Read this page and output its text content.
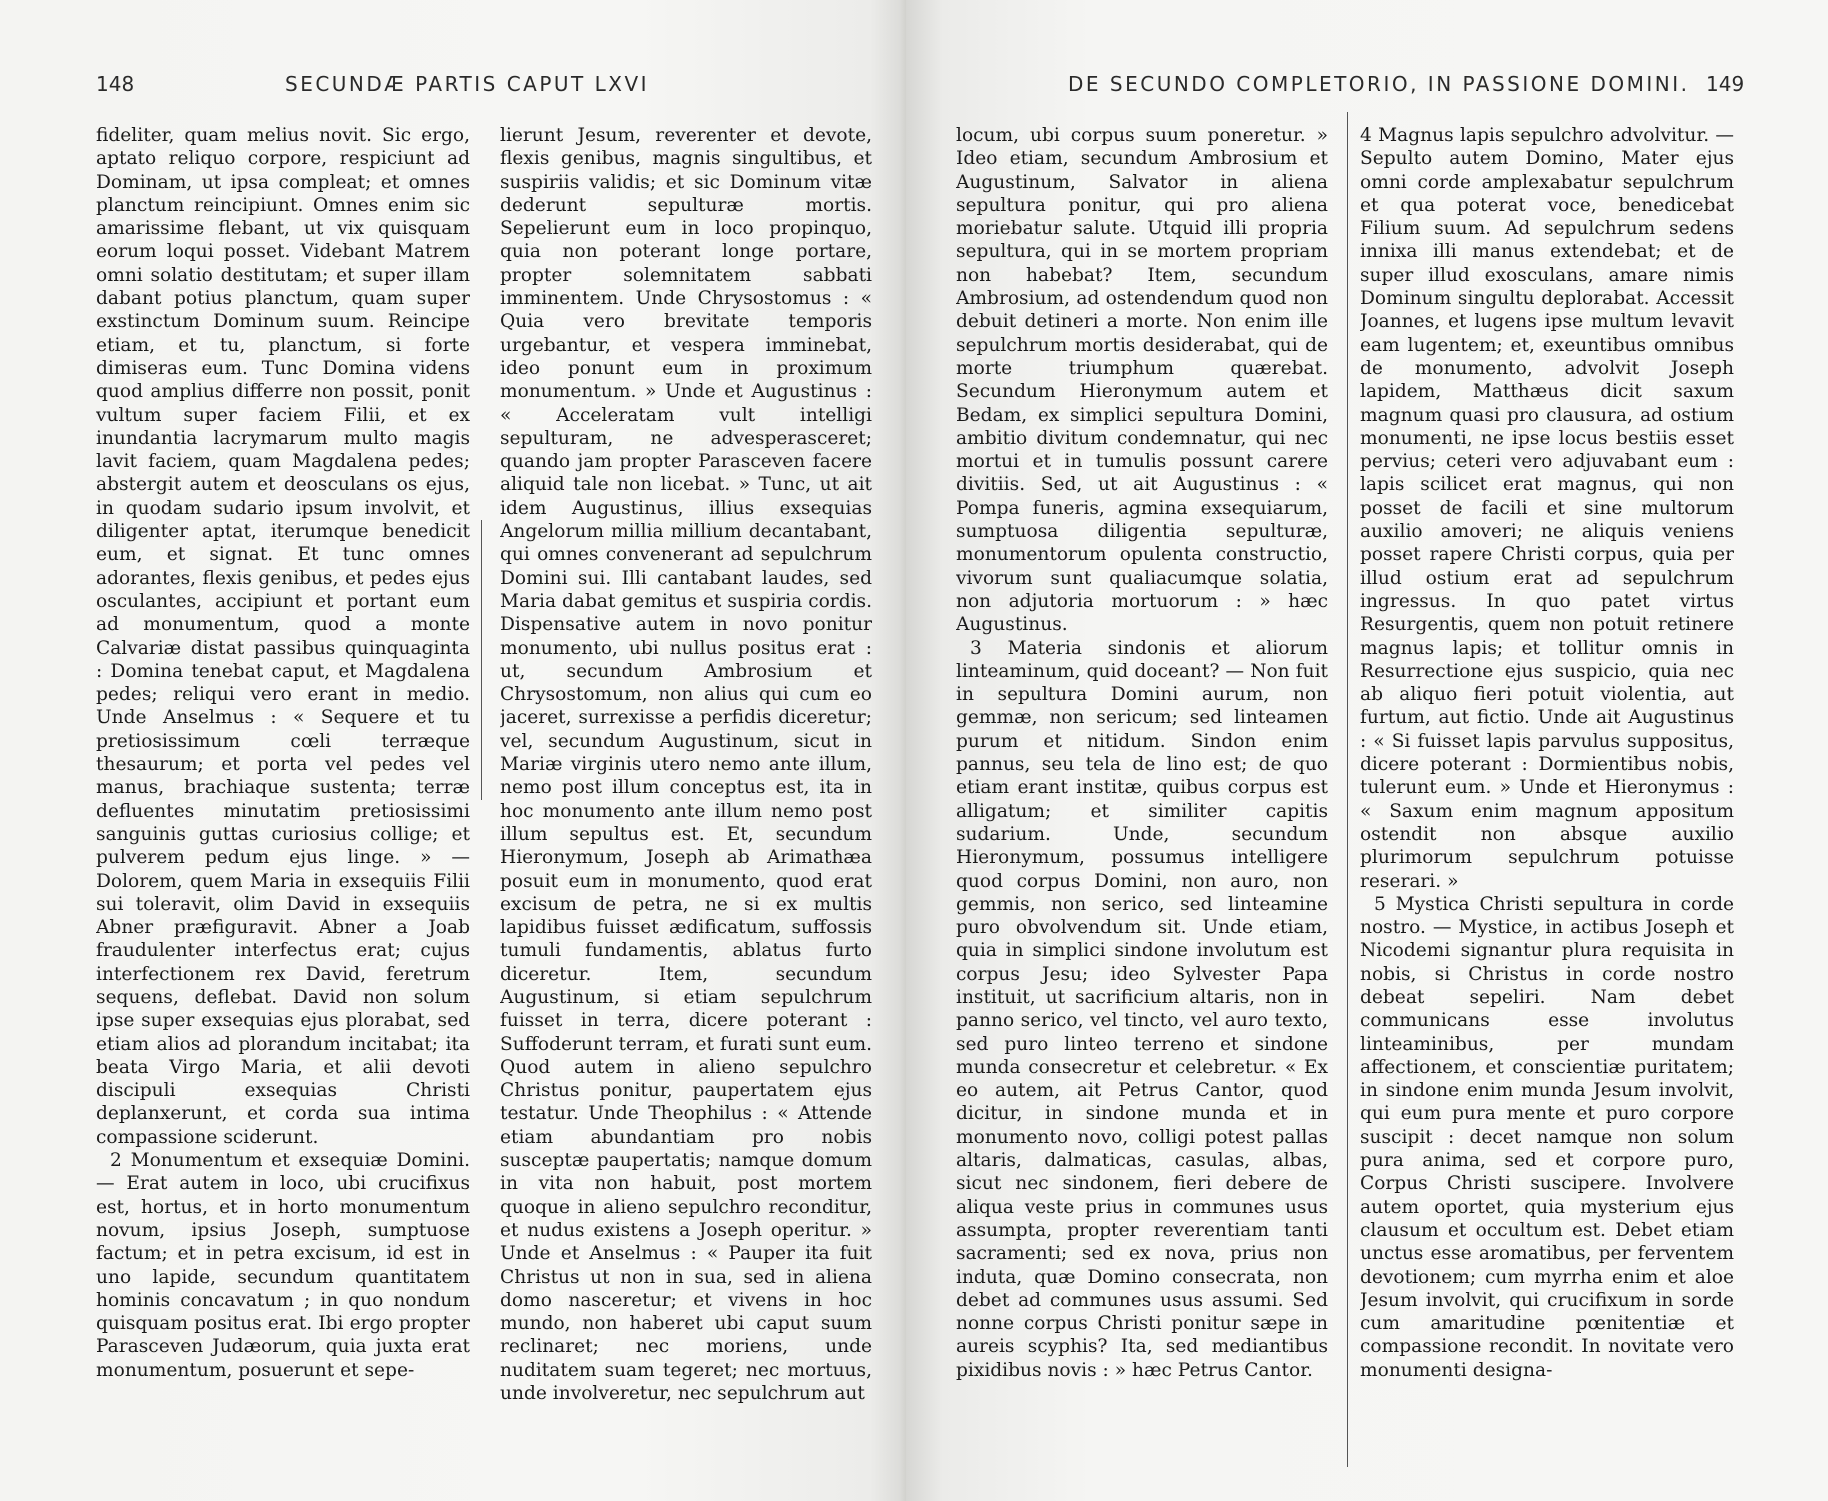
148	SECUNDÆ PARTIS CAPUT LXVI

fideliter, quam melius novit. Sic ergo, aptato reliquo corpore, respiciunt ad Dominam, ut ipsa compleat; et omnes planctum reincipiunt. Omnes enim sic amarissime flebant, ut vix quisquam eorum loqui posset. Videbant Matrem omni solatio destitutam; et super illam dabant potius planctum, quam super exstinctum Dominum suum. Reincipe etiam, et tu, planctum, si forte dimiseras eum. Tunc Domina videns quod amplius differre non possit, ponit vultum super faciem Filii, et ex inundantia lacrymarum multo magis lavit faciem, quam Magdalena pedes; abstergit autem et deosculans os ejus, in quodam sudario ipsum involvit, et diligenter aptat, iterumque benedicit eum, et signat. Et tunc omnes adorantes, flexis genibus, et pedes ejus osculantes, accipiunt et portant eum ad monumentum, quod a monte Calvariæ distat passibus quinquaginta : Domina tenebat caput, et Magdalena pedes; reliqui vero erant in medio. Unde Anselmus : « Sequere et tu pretiosissimum cœli terræque thesaurum; et porta vel pedes vel manus, brachiaque sustenta; terræ defluentes minutatim pretiosissimi sanguinis guttas curiosius collige; et pulverem pedum ejus linge. » — Dolorem, quem Maria in exsequiis Filii sui toleravit, olim David in exsequiis Abner præfiguravit. Abner a Joab fraudulenter interfectus erat; cujus interfectionem rex David, feretrum sequens, deflebat. David non solum ipse super exsequias ejus plorabat, sed etiam alios ad plorandum incitabat; ita beata Virgo Maria, et alii devoti discipuli exsequias Christi deplanxerunt, et corda sua intima compassione sciderunt.

2 Monumentum et exsequiæ Domini. — Erat autem in loco, ubi crucifixus est, hortus, et in horto monumentum novum, ipsius Joseph, sumptuose factum; et in petra excisum, id est in uno lapide, secundum quantitatem hominis concavatum ; in quo nondum quisquam positus erat. Ibi ergo propter Parasceven Judæorum, quia juxta erat monumentum, posuerunt et sepe-

lierunt Jesum, reverenter et devote, flexis genibus, magnis singultibus, et suspiriis validis; et sic Dominum vitæ dederunt sepulturæ mortis. Sepelierunt eum in loco propinquo, quia non poterant longe portare, propter solemnitatem sabbati imminentem. Unde Chrysostomus : « Quia vero brevitate temporis urgebantur, et vespera imminebat, ideo ponunt eum in proximum monumentum. » Unde et Augustinus : « Acceleratam vult intelligi sepulturam, ne advesperasceret; quando jam propter Parasceven facere aliquid tale non licebat. » Tunc, ut ait idem Augustinus, illius exsequias Angelorum millia millium decantabant, qui omnes convenerant ad sepulchrum Domini sui. Illi cantabant laudes, sed Maria dabat gemitus et suspiria cordis. Dispensative autem in novo ponitur monumento, ubi nullus positus erat : ut, secundum Ambrosium et Chrysostomum, non alius qui cum eo jaceret, surrexisse a perfidis diceretur; vel, secundum Augustinum, sicut in Mariæ virginis utero nemo ante illum, nemo post illum conceptus est, ita in hoc monumento ante illum nemo post illum sepultus est. Et, secundum Hieronymum, Joseph ab Arimathæa posuit eum in monumento, quod erat excisum de petra, ne si ex multis lapidibus fuisset ædificatum, suffossis tumuli fundamentis, ablatus furto diceretur. Item, secundum Augustinum, si etiam sepulchrum fuisset in terra, dicere poterant : Suffoderunt terram, et furati sunt eum. Quod autem in alieno sepulchro Christus ponitur, paupertatem ejus testatur. Unde Theophilus : « Attende etiam abundantiam pro nobis susceptæ paupertatis; namque domum in vita non habuit, post mortem quoque in alieno sepulchro reconditur, et nudus existens a Joseph operitur. » Unde et Anselmus : « Pauper ita fuit Christus ut non in sua, sed in aliena domo nasceretur; et vivens in hoc mundo, non haberet ubi caput suum reclinaret; nec moriens, unde nuditatem suam tegeret; nec mortuus, unde involveretur, nec sepulchrum aut

DE SECUNDO COMPLETORIO, IN PASSIONE DOMINI. 149

locum, ubi corpus suum poneretur. » Ideo etiam, secundum Ambrosium et Augustinum, Salvator in aliena sepultura ponitur, qui pro aliena moriebatur salute. Utquid illi propria sepultura, qui in se mortem propriam non habebat? Item, secundum Ambrosium, ad ostendendum quod non debuit detineri a morte. Non enim ille sepulchrum mortis desiderabat, qui de morte triumphum quærebat. Secundum Hieronymum autem et Bedam, ex simplici sepultura Domini, ambitio divitum condemnatur, qui nec mortui et in tumulis possunt carere divitiis. Sed, ut ait Augustinus : « Pompa funeris, agmina exsequiarum, sumptuosa diligentia sepulturæ, monumentorum opulenta constructio, vivorum sunt qualiacumque solatia, non adjutoria mortuorum : » hæc Augustinus.

3 Materia sindonis et aliorum linteaminum, quid doceant? — Non fuit in sepultura Domini aurum, non gemmæ, non sericum; sed linteamen purum et nitidum. Sindon enim pannus, seu tela de lino est; de quo etiam erant institæ, quibus corpus est alligatum; et similiter capitis sudarium. Unde, secundum Hieronymum, possumus intelligere quod corpus Domini, non auro, non gemmis, non serico, sed linteamine puro obvolvendum sit. Unde etiam, quia in simplici sindone involutum est corpus Jesu; ideo Sylvester Papa instituit, ut sacrificium altaris, non in panno serico, vel tincto, vel auro texto, sed puro linteo terreno et sindone munda consecretur et celebretur. « Ex eo autem, ait Petrus Cantor, quod dicitur, in sindone munda et in monumento novo, colligi potest pallas altaris, dalmaticas, casulas, albas, sicut nec sindonem, fieri debere de aliqua veste prius in communes usus assumpta, propter reverentiam tanti sacramenti; sed ex nova, prius non induta, quæ Domino consecrata, non debet ad communes usus assumi. Sed nonne corpus Christi ponitur sæpe in aureis scyphis? Ita, sed mediantibus pixidibus novis : » hæc Petrus Cantor.

4 Magnus lapis sepulchro advolvitur. — Sepulto autem Domino, Mater ejus omni corde amplexabatur sepulchrum et qua poterat voce, benedicebat Filium suum. Ad sepulchrum sedens innixa illi manus extendebat; et de super illud exosculans, amare nimis Dominum singultu deplorabat. Accessit Joannes, et lugens ipse multum levavit eam lugentem; et, exeuntibus omnibus de monumento, advolvit Joseph lapidem, Matthæus dicit saxum magnum quasi pro clausura, ad ostium monumenti, ne ipse locus bestiis esset pervius; ceteri vero adjuvabant eum : lapis scilicet erat magnus, qui non posset de facili et sine multorum auxilio amoveri; ne aliquis veniens posset rapere Christi corpus, quia per illud ostium erat ad sepulchrum ingressus. In quo patet virtus Resurgentis, quem non potuit retinere magnus lapis; et tollitur omnis in Resurrectione ejus suspicio, quia nec ab aliquo fieri potuit violentia, aut furtum, aut fictio. Unde ait Augustinus : « Si fuisset lapis parvulus suppositus, dicere poterant : Dormientibus nobis, tulerunt eum. » Unde et Hieronymus : « Saxum enim magnum appositum ostendit non absque auxilio plurimorum sepulchrum potuisse reserari. »

5 Mystica Christi sepultura in corde nostro. — Mystice, in actibus Joseph et Nicodemi signantur plura requisita in nobis, si Christus in corde nostro debeat sepeliri. Nam debet communicans esse involutus linteaminibus, per mundam affectionem, et conscientiæ puritatem; in sindone enim munda Jesum involvit, qui eum pura mente et puro corpore suscipit : decet namque non solum pura anima, sed et corpore puro, Corpus Christi suscipere. Involvere autem oportet, quia mysterium ejus clausum et occultum est. Debet etiam unctus esse aromatibus, per ferventem devotionem; cum myrrha enim et aloe Jesum involvit, qui crucifixum in sorde cum amaritudine pœnitentiæ et compassione recondit. In novitate vero monumenti designa-
